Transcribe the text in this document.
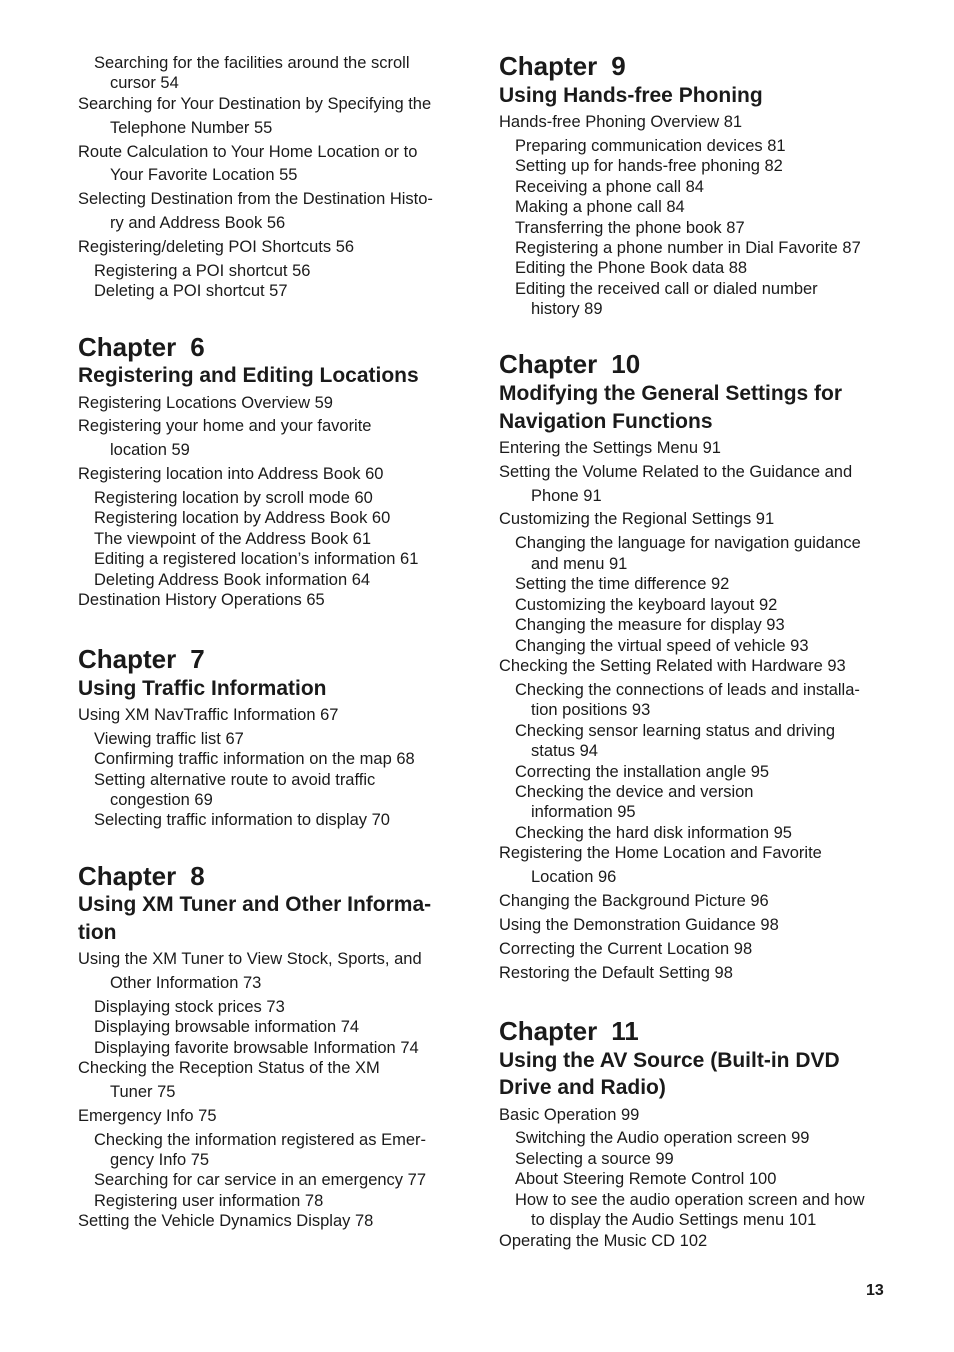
Searching for the facilities around the scroll
cursor 54
Searching for Your Destination by Specifying the
Telephone Number 55
Route Calculation to Your Home Location or to
Your Favorite Location 55
Selecting Destination from the Destination Histo-
ry and Address Book 56
Registering/deleting POI Shortcuts 56
Registering a POI shortcut 56
Deleting a POI shortcut 57
Chapter 6
Registering and Editing Locations
Registering Locations Overview 59
Registering your home and your favorite
location 59
Registering location into Address Book 60
Registering location by scroll mode 60
Registering location by Address Book 60
The viewpoint of the Address Book 61
Editing a registered location’s information 61
Deleting Address Book information 64
Destination History Operations 65
Chapter 7
Using Traffic Information
Using XM NavTraffic Information 67
Viewing traffic list 67
Confirming traffic information on the map 68
Setting alternative route to avoid traffic
congestion 69
Selecting traffic information to display 70
Chapter 8
Using XM Tuner and Other Informa-
tion
Using the XM Tuner to View Stock, Sports, and
Other Information 73
Displaying stock prices 73
Displaying browsable information 74
Displaying favorite browsable Information 74
Checking the Reception Status of the XM
Tuner 75
Emergency Info 75
Checking the information registered as Emer-
gency Info 75
Searching for car service in an emergency 77
Registering user information 78
Setting the Vehicle Dynamics Display 78
Chapter 9
Using Hands-free Phoning
Hands-free Phoning Overview 81
Preparing communication devices 81
Setting up for hands-free phoning 82
Receiving a phone call 84
Making a phone call 84
Transferring the phone book 87
Registering a phone number in Dial Favorite 87
Editing the Phone Book data 88
Editing the received call or dialed number
history 89
Chapter 10
Modifying the General Settings for
Navigation Functions
Entering the Settings Menu 91
Setting the Volume Related to the Guidance and
Phone 91
Customizing the Regional Settings 91
Changing the language for navigation guidance
and menu 91
Setting the time difference 92
Customizing the keyboard layout 92
Changing the measure for display 93
Changing the virtual speed of vehicle 93
Checking the Setting Related with Hardware 93
Checking the connections of leads and installa-
tion positions 93
Checking sensor learning status and driving
status 94
Correcting the installation angle 95
Checking the device and version
information 95
Checking the hard disk information 95
Registering the Home Location and Favorite
Location 96
Changing the Background Picture 96
Using the Demonstration Guidance 98
Correcting the Current Location 98
Restoring the Default Setting 98
Chapter 11
Using the AV Source (Built-in DVD
Drive and Radio)
Basic Operation 99
Switching the Audio operation screen 99
Selecting a source 99
About Steering Remote Control 100
How to see the audio operation screen and how
to display the Audio Settings menu 101
Operating the Music CD 102
13
